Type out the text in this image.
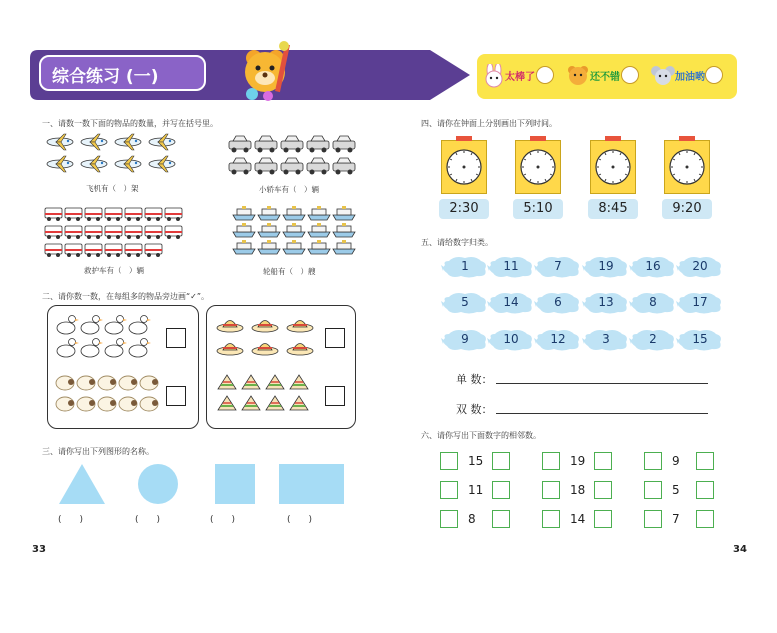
综合练习 (一)	太棒了	还不错	加油哟
一、请数一数下面的物品的数量，并写在括号里。
飞机有（　）架	小轿车有（　）辆
救护车有（　）辆	轮船有（　）艘
二、请你数一数，在每组多的物品旁边画“✓”。
三、请你写出下列图形的名称。
(　　)	(　　)	(　　)	(　　)
33
四、请你在钟面上分别画出下列时间。
2:30	5:10	8:45	9:20
五、请给数字归类。
1	11	7	19	16	20
5	14	6	13	8	17
9	10	12	3	2	15
单 数：
双 数：
六、请你写出下面数字的相邻数。
15	19	9
11	18	5
8	14	7
34
